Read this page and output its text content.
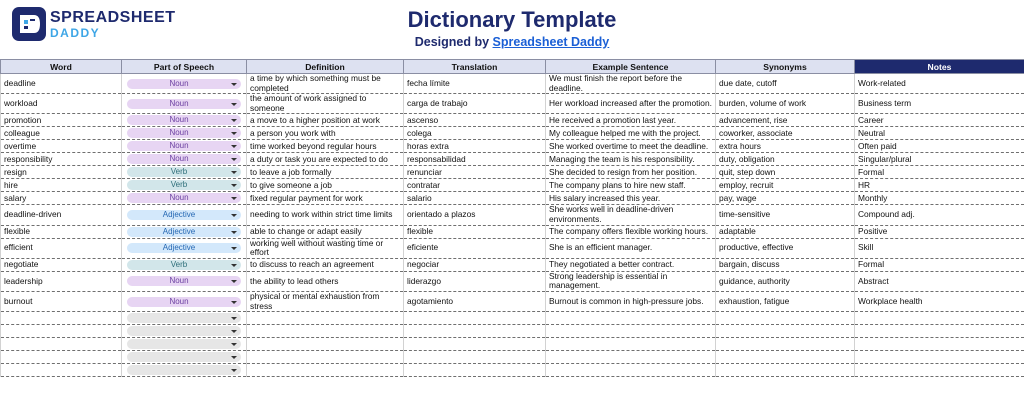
SPREADSHEET
DADDY
Dictionary Template
Designed by Spreadsheet Daddy
Word	Part of Speech	Definition	Translation	Example Sentence	Synonyms	Notes
deadline	Noun	a time by which something must be completed	fecha límite	We must finish the report before the deadline.	due date, cutoff	Work-related
workload	Noun	the amount of work assigned to someone	carga de trabajo	Her workload increased after the promotion.	burden, volume of work	Business term
promotion	Noun	a move to a higher position at work	ascenso	He received a promotion last year.	advancement, rise	Career
colleague	Noun	a person you work with	colega	My colleague helped me with the project.	coworker, associate	Neutral
overtime	Noun	time worked beyond regular hours	horas extra	She worked overtime to meet the deadline.	extra hours	Often paid
responsibility	Noun	a duty or task you are expected to do	responsabilidad	Managing the team is his responsibility.	duty, obligation	Singular/plural
resign	Verb	to leave a job formally	renunciar	She decided to resign from her position.	quit, step down	Formal
hire	Verb	to give someone a job	contratar	The company plans to hire new staff.	employ, recruit	HR
salary	Noun	fixed regular payment for work	salario	His salary increased this year.	pay, wage	Monthly
deadline-driven	Adjective	needing to work within strict time limits	orientado a plazos	She works well in deadline-driven environments.	time-sensitive	Compound adj.
flexible	Adjective	able to change or adapt easily	flexible	The company offers flexible working hours.	adaptable	Positive
efficient	Adjective	working well without wasting time or effort	eficiente	She is an efficient manager.	productive, effective	Skill
negotiate	Verb	to discuss to reach an agreement	negociar	They negotiated a better contract.	bargain, discuss	Formal
leadership	Noun	the ability to lead others	liderazgo	Strong leadership is essential in management.	guidance, authority	Abstract
burnout	Noun	physical or mental exhaustion from stress	agotamiento	Burnout is common in high-pressure jobs.	exhaustion, fatigue	Workplace health
